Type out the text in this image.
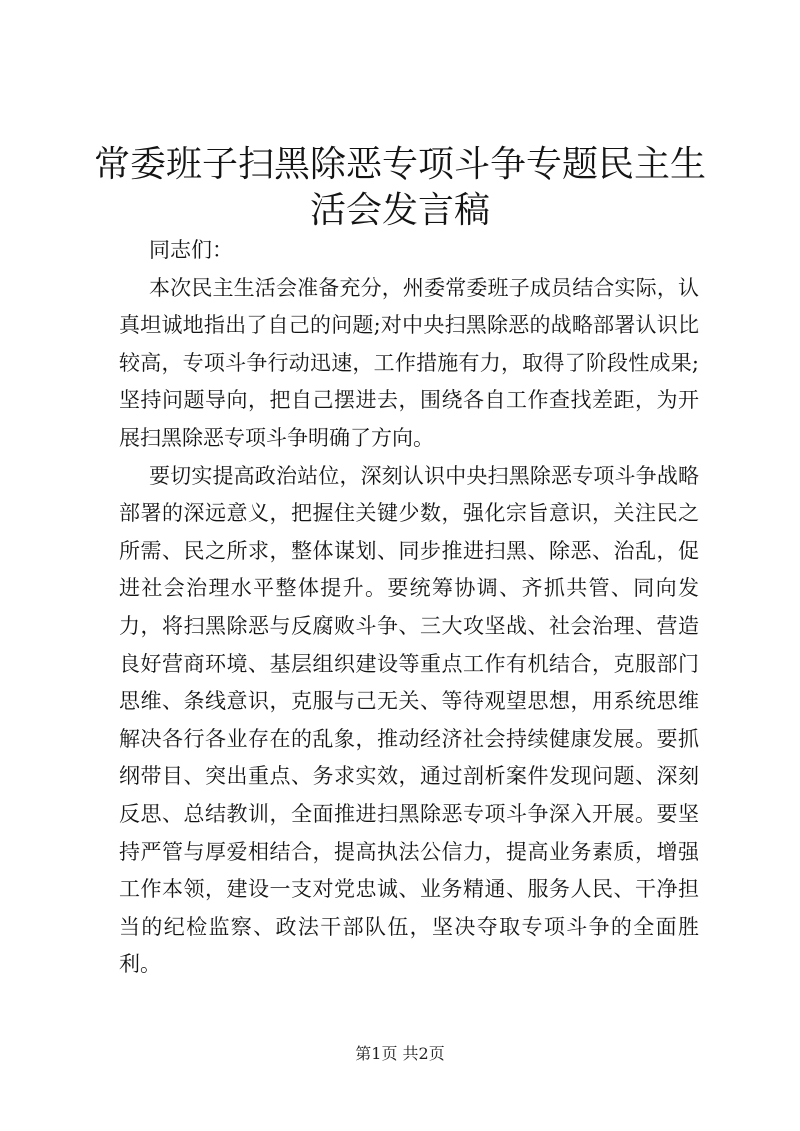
常委班子扫黑除恶专项斗争专题民主生活会发言稿

同志们：

本次民主生活会准备充分，州委常委班子成员结合实际，认真坦诚地指出了自己的问题;对中央扫黑除恶的战略部署认识比较高，专项斗争行动迅速，工作措施有力，取得了阶段性成果;坚持问题导向，把自己摆进去，围绕各自工作查找差距，为开展扫黑除恶专项斗争明确了方向。

要切实提高政治站位，深刻认识中央扫黑除恶专项斗争战略部署的深远意义，把握住关键少数，强化宗旨意识，关注民之所需、民之所求，整体谋划、同步推进扫黑、除恶、治乱，促进社会治理水平整体提升。要统筹协调、齐抓共管、同向发力，将扫黑除恶与反腐败斗争、三大攻坚战、社会治理、营造良好营商环境、基层组织建设等重点工作有机结合，克服部门思维、条线意识，克服与己无关、等待观望思想，用系统思维解决各行各业存在的乱象，推动经济社会持续健康发展。要抓纲带目、突出重点、务求实效，通过剖析案件发现问题、深刻反思、总结教训，全面推进扫黑除恶专项斗争深入开展。要坚持严管与厚爱相结合，提高执法公信力，提高业务素质，增强工作本领，建设一支对党忠诚、业务精通、服务人民、干净担当的纪检监察、政法干部队伍，坚决夺取专项斗争的全面胜利。

第1页 共2页
